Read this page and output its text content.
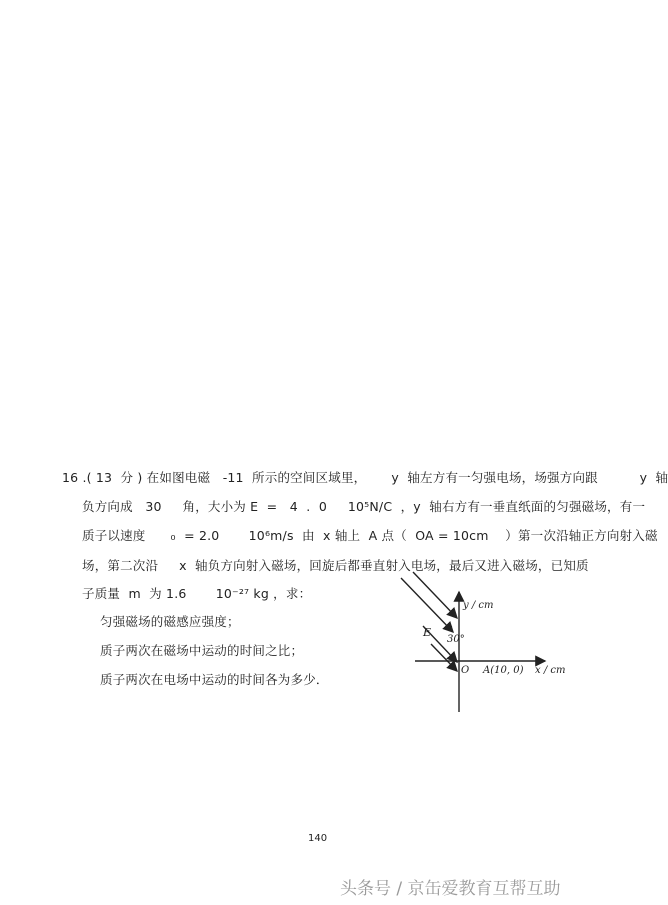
16 .( 13  分 ) 在如图电磁   -11  所示的空间区域里，      y  轴左方有一匀强电场，场强方向跟          y  轴
负方向成   30     角，大小为 E  =   4  .  0     10⁵N/C  ，y  轴右方有一垂直纸面的匀强磁场，有一
质子以速度      ₀  = 2.0       10⁶m/s  由  x 轴上  A 点（  OA = 10cm    ）第一次沿轴正方向射入磁
场，第二次沿     x  轴负方向射入磁场，回旋后都垂直射入电场，最后又进入磁场，已知质
子质量  m  为 1.6       10⁻²⁷ kg ，求：
匀强磁场的磁感应强度；
质子两次在磁场中运动的时间之比；
质子两次在电场中运动的时间各为多少．
y / cm
x / cm
O
E
30°
A(10, 0)
140
头条号 / 京缶爱教育互帮互助
